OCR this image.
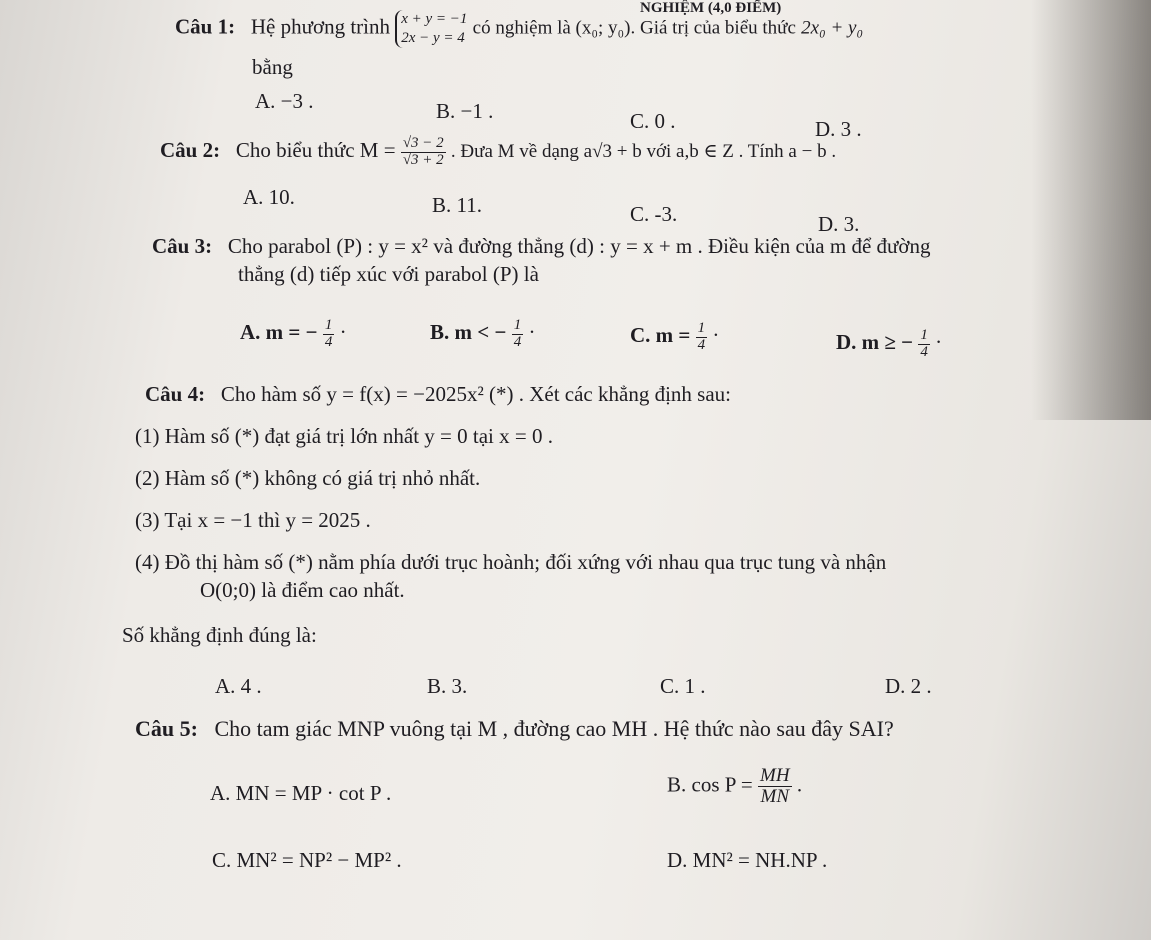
NGHIỆM (4,0 ĐIỂM)
Câu 1: Hệ phương trình x + y = −1
2x − y = 4 có nghiệm là (x₀; y₀). Giá trị của biểu thức 2x₀ + y₀
bằng
A. −3 .	B. −1 .	C. 0 .	D. 3 .
Câu 2: Cho biểu thức $M = \frac{√3 - 2}{√3 + 2}$ . Đưa M về dạng a√3 + b với a,b ∈ Z . Tính a − b .
A. 10.	B. 11.	C. -3.	D. 3.
Câu 3: Cho parabol (P) : y = x² và đường thẳng (d) : y = x + m . Điều kiện của m để đường
thẳng (d) tiếp xúc với parabol (P) là
A. m = − $\frac{1}{4}$ ·	B. m < − $\frac{1}{4}$ ·	C. $m = \frac{1}{4}$ ·	D. m ≥ − $\frac{1}{4}$ ·
Câu 4: Cho hàm số y = f(x) = −2025x² (*) . Xét các khẳng định sau:
(1) Hàm số (*) đạt giá trị lớn nhất y = 0 tại x = 0 .
(2) Hàm số (*) không có giá trị nhỏ nhất.
(3) Tại x = −1 thì y = 2025 .
(4) Đồ thị hàm số (*) nằm phía dưới trục hoành; đối xứng với nhau qua trục tung và nhận
O(0;0) là điểm cao nhất.
Số khẳng định đúng là:
A. 4 .	B. 3.	C. 1 .	D. 2 .
Câu 5: Cho tam giác MNP vuông tại M , đường cao MH . Hệ thức nào sau đây SAI?
A. MN = MP · cot P .	B. $\cos P = \frac{MH}{MN}$ .
C. MN² = NP² − MP² .	D. MN² = NH.NP .
